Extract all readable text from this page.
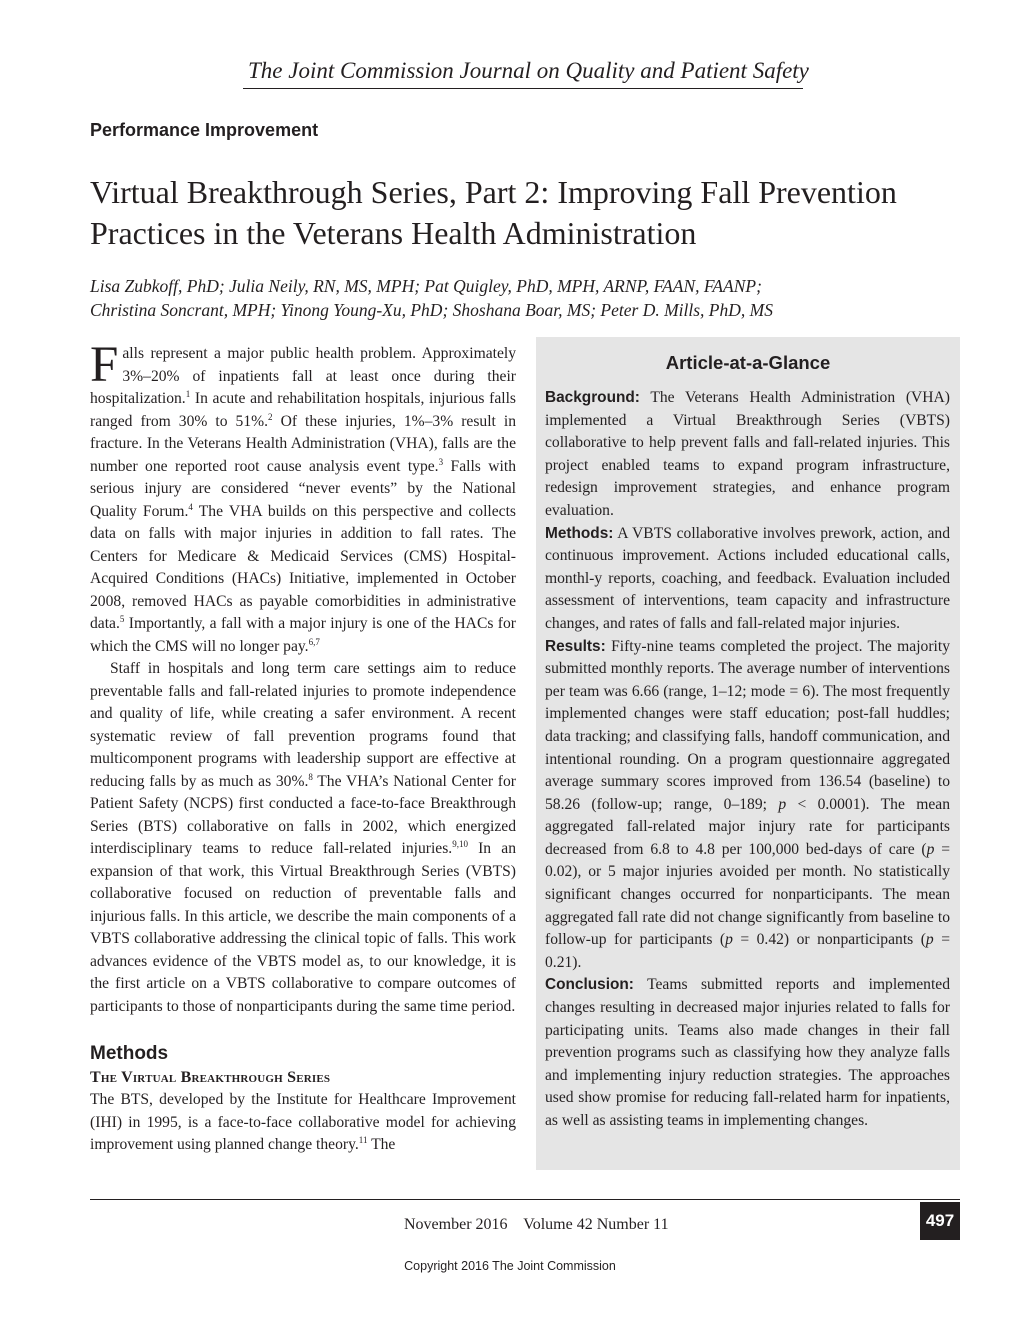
The Joint Commission Journal on Quality and Patient Safety
Performance Improvement
Virtual Breakthrough Series, Part 2: Improving Fall Prevention
Practices in the Veterans Health Administration
Lisa Zubkoff, PhD; Julia Neily, RN, MS, MPH; Pat Quigley, PhD, MPH, ARNP, FAAN, FAANP;
Christina Soncrant, MPH; Yinong Young-Xu, PhD; Shoshana Boar, MS; Peter D. Mills, PhD, MS

Falls represent a major public health problem. Approximately 3%–20% of inpatients fall at least once during their hospitalization.$^1$ In acute and rehabilitation hospitals, injurious falls ranged from 30% to 51%.$^2$ Of these injuries, 1%–3% result in fracture. In the Veterans Health Administration (VHA), falls are the number one reported root cause analysis event type.$^3$ Falls with serious injury are considered “never events” by the National Quality Forum.$^4$ The VHA builds on this perspective and collects data on falls with major injuries in addition to fall rates. The Centers for Medicare & Medicaid Services (CMS) Hospital-Acquired Conditions (HACs) Initiative, implemented in October 2008, removed HACs as payable comorbidities in administrative data.$^5$ Importantly, a fall with a major injury is one of the HACs for which the CMS will no longer pay.$^{6,7}$

Staff in hospitals and long term care settings aim to reduce preventable falls and fall-related injuries to promote independence and quality of life, while creating a safer environment. A recent systematic review of fall prevention programs found that multicomponent programs with leadership support are effective at reducing falls by as much as 30%.$^8$ The VHA’s National Center for Patient Safety (NCPS) first conducted a face-to-face Breakthrough Series (BTS) collaborative on falls in 2002, which energized interdisciplinary teams to reduce fall-related injuries.$^{9,10}$ In an expansion of that work, this Virtual Breakthrough Series (VBTS) collaborative focused on reduction of preventable falls and injurious falls. In this article, we describe the main components of a VBTS collaborative addressing the clinical topic of falls. This work advances evidence of the VBTS model as, to our knowledge, it is the first article on a VBTS collaborative to compare outcomes of participants to those of nonparticipants during the same time period.

Methods
The Virtual Breakthrough Series

The BTS, developed by the Institute for Healthcare Improvement (IHI) in 1995, is a face-to-face collaborative model for achieving improvement using planned change theory.$^{11}$ The

Article-at-a-Glance

Background: The Veterans Health Administration (VHA) implemented a Virtual Breakthrough Series (VBTS) collaborative to help prevent falls and fall-related injuries. This project enabled teams to expand program infrastructure, redesign improvement strategies, and enhance program evaluation.

Methods: A VBTS collaborative involves prework, action, and continuous improvement. Actions included educational calls, monthl-y reports, coaching, and feedback. Evaluation included assessment of interventions, team capacity and infrastructure changes, and rates of falls and fall-related major injuries.

Results: Fifty-nine teams completed the project. The majority submitted monthly reports. The average number of interventions per team was 6.66 (range, 1–12; mode = 6). The most frequently implemented changes were staff education; post-fall huddles; data tracking; and classifying falls, handoff communication, and intentional rounding. On a program questionnaire aggregated average summary scores improved from 136.54 (baseline) to 58.26 (follow-up; range, 0–189; p < 0.0001). The mean aggregated fall-related major injury rate for participants decreased from 6.8 to 4.8 per 100,000 bed-days of care (p = 0.02), or 5 major injuries avoided per month. No statistically significant changes occurred for nonparticipants. The mean aggregated fall rate did not change significantly from baseline to follow-up for participants (p = 0.42) or nonparticipants (p = 0.21).

Conclusion: Teams submitted reports and implemented changes resulting in decreased major injuries related to falls for participating units. Teams also made changes in their fall prevention programs such as classifying how they analyze falls and implementing injury reduction strategies. The approaches used show promise for reducing fall-related harm for inpatients, as well as assisting teams in implementing changes.

November 2016    Volume 42 Number 11	497
Copyright 2016 The Joint Commission
